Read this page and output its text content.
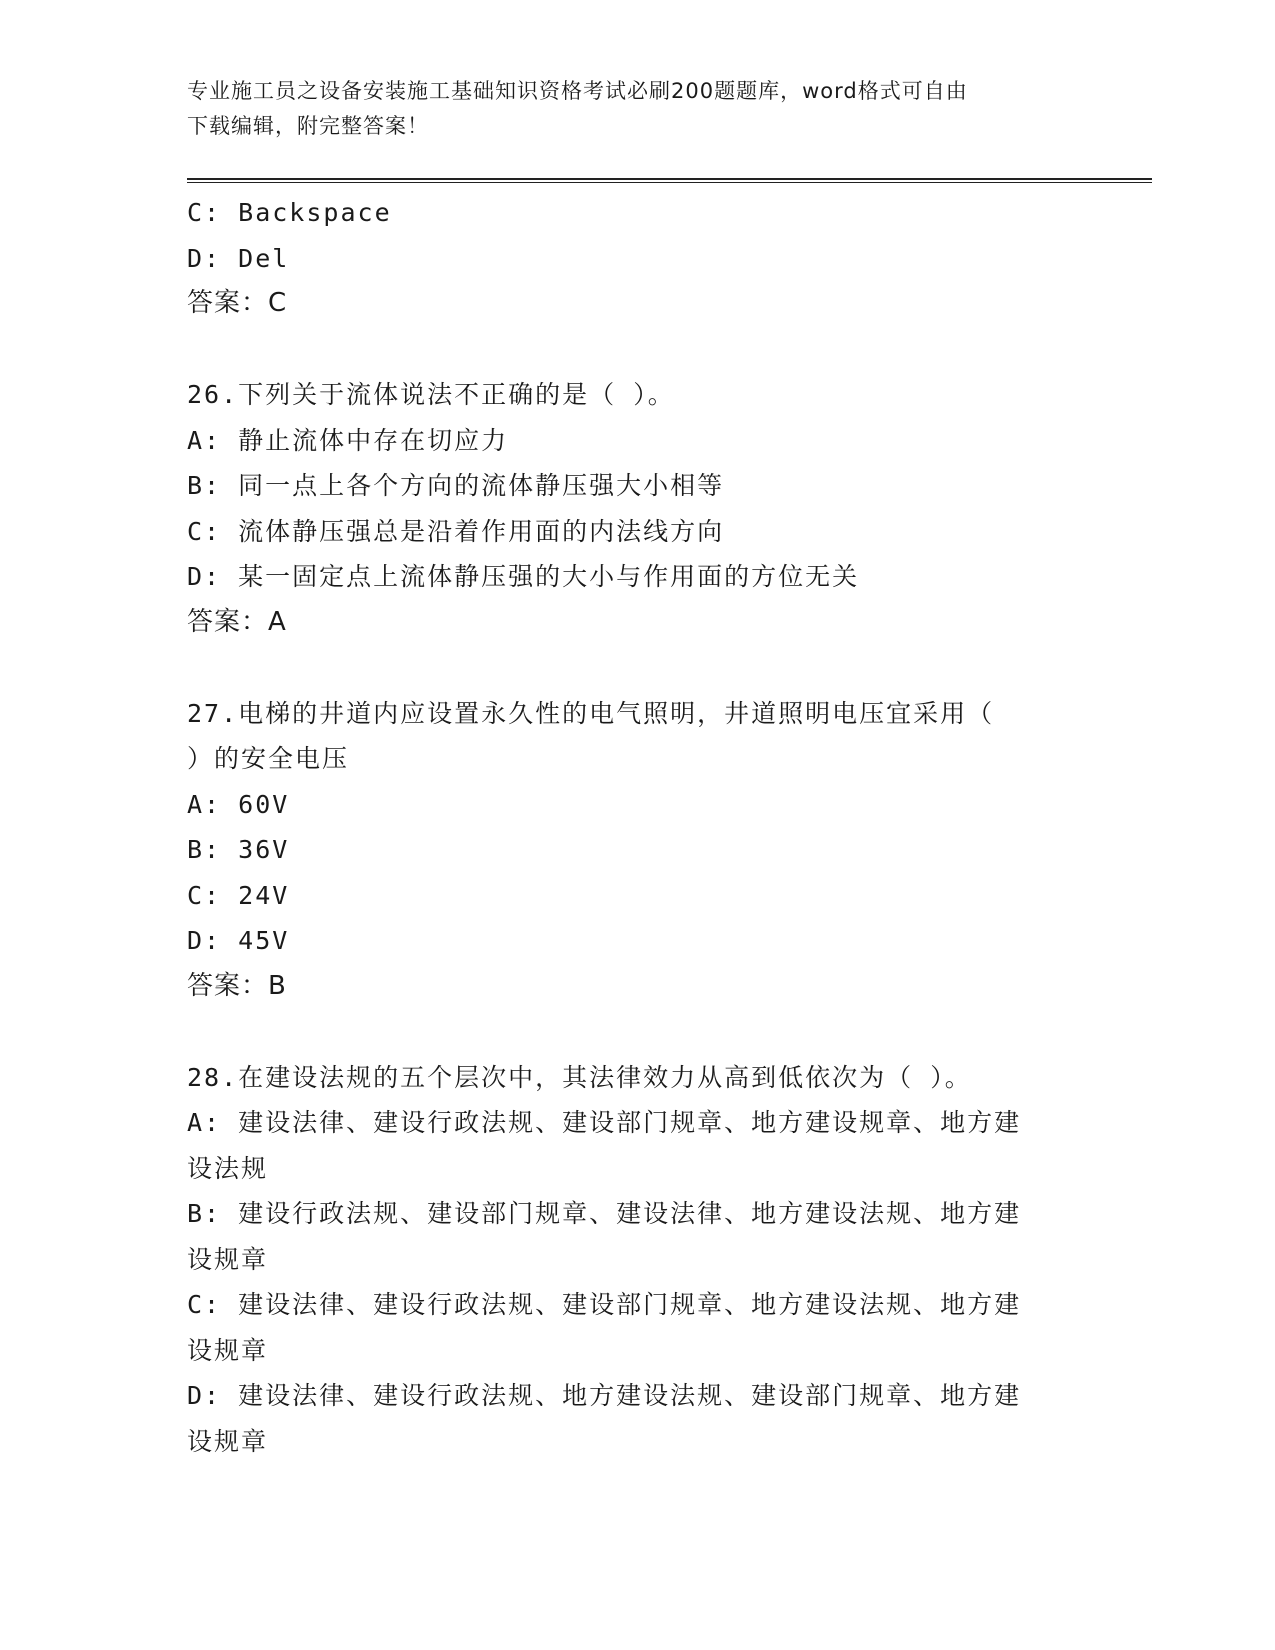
专业施工员之设备安装施工基础知识资格考试必刷200题题库，word格式可自由
下载编辑，附完整答案！
C: Backspace
D: Del
答案：C
26.下列关于流体说法不正确的是（ ）。
A: 静止流体中存在切应力
B: 同一点上各个方向的流体静压强大小相等
C: 流体静压强总是沿着作用面的内法线方向
D: 某一固定点上流体静压强的大小与作用面的方位无关
答案：A
27.电梯的井道内应设置永久性的电气照明，井道照明电压宜采用（
）的安全电压
A: 60V
B: 36V
C: 24V
D: 45V
答案：B
28.在建设法规的五个层次中，其法律效力从高到低依次为（ ）。
A: 建设法律、建设行政法规、建设部门规章、地方建设规章、地方建
设法规
B: 建设行政法规、建设部门规章、建设法律、地方建设法规、地方建
设规章
C: 建设法律、建设行政法规、建设部门规章、地方建设法规、地方建
设规章
D: 建设法律、建设行政法规、地方建设法规、建设部门规章、地方建
设规章
